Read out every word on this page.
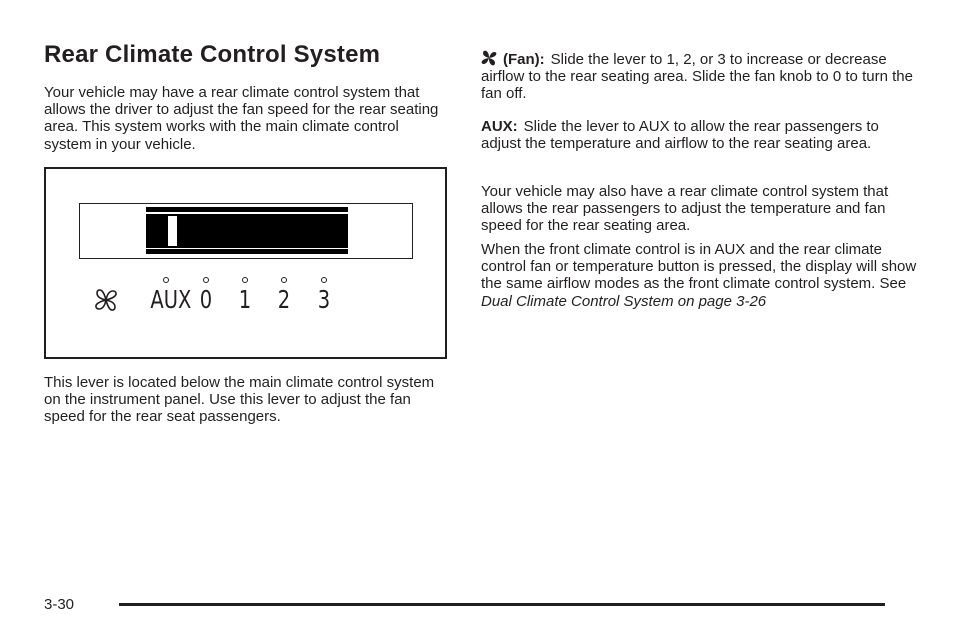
Rear Climate Control System

Your vehicle may have a rear climate control system that allows the driver to adjust the fan speed for the rear seating area. This system works with the main climate control system in your vehicle.

This lever is located below the main climate control system on the instrument panel. Use this lever to adjust the fan speed for the rear seat passengers.

AUX 0	1	2	3

(Fan): Slide the lever to 1, 2, or 3 to increase or decrease airflow to the rear seating area. Slide the fan knob to 0 to turn the fan off.

AUX: Slide the lever to AUX to allow the rear passengers to adjust the temperature and airflow to the rear seating area.

Your vehicle may also have a rear climate control system that allows the rear passengers to adjust the temperature and fan speed for the rear seating area.

When the front climate control is in AUX and the rear climate control fan or temperature button is pressed, the display will show the same airflow modes as the front climate control system. See Dual Climate Control System on page 3-26

3-30
